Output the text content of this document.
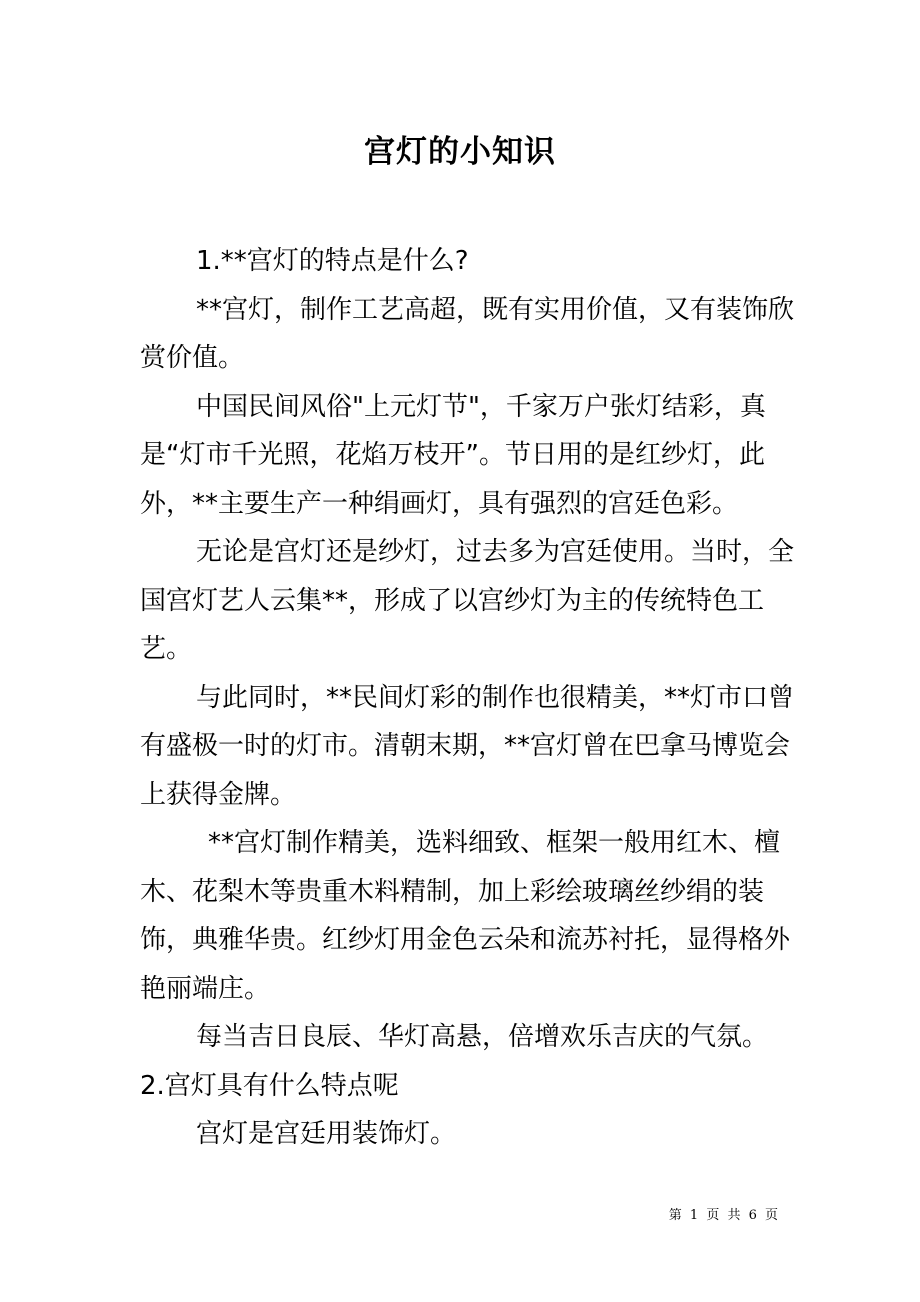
宫灯的小知识

1.**宫灯的特点是什么?

**宫灯，制作工艺高超，既有实用价值，又有装饰欣赏价值。

中国民间风俗"上元灯节"，千家万户张灯结彩，真是“灯市千光照，花焰万枝开”。节日用的是红纱灯，此外，**主要生产一种绢画灯，具有强烈的宫廷色彩。

无论是宫灯还是纱灯，过去多为宫廷使用。当时，全国宫灯艺人云集**，形成了以宫纱灯为主的传统特色工艺。

与此同时，**民间灯彩的制作也很精美，**灯市口曾有盛极一时的灯市。清朝末期，**宫灯曾在巴拿马博览会上获得金牌。

**宫灯制作精美，选料细致、框架一般用红木、檀木、花梨木等贵重木料精制，加上彩绘玻璃丝纱绢的装饰，典雅华贵。红纱灯用金色云朵和流苏衬托，显得格外艳丽端庄。

每当吉日良辰、华灯高悬，倍增欢乐吉庆的气氛。

2.宫灯具有什么特点呢

宫灯是宫廷用装饰灯。

第 1 页 共 6 页
